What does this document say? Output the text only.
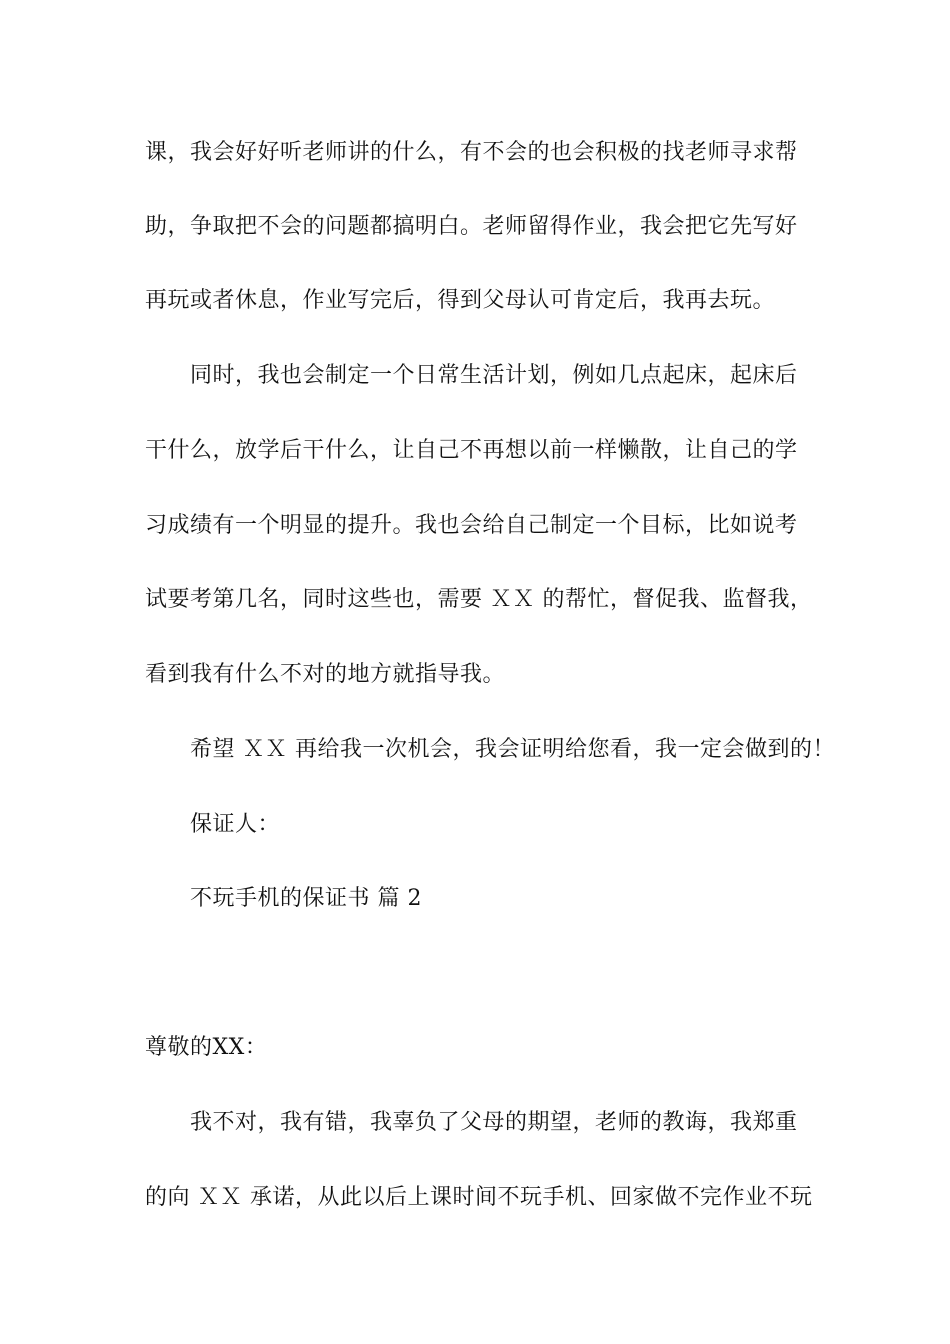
课，我会好好听老师讲的什么，有不会的也会积极的找老师寻求帮
助，争取把不会的问题都搞明白。老师留得作业，我会把它先写好
再玩或者休息，作业写完后，得到父母认可肯定后，我再去玩。
同时，我也会制定一个日常生活计划，例如几点起床，起床后
干什么，放学后干什么，让自己不再想以前一样懒散，让自己的学
习成绩有一个明显的提升。我也会给自己制定一个目标，比如说考
试要考第几名，同时这些也，需要 ＸＸ 的帮忙，督促我、监督我，
看到我有什么不对的地方就指导我。
希望 ＸＸ 再给我一次机会，我会证明给您看，我一定会做到的！
保证人：
不玩手机的保证书 篇 2
尊敬的XX：
我不对，我有错，我辜负了父母的期望，老师的教诲，我郑重
的向 ＸＸ 承诺，从此以后上课时间不玩手机、回家做不完作业不玩
